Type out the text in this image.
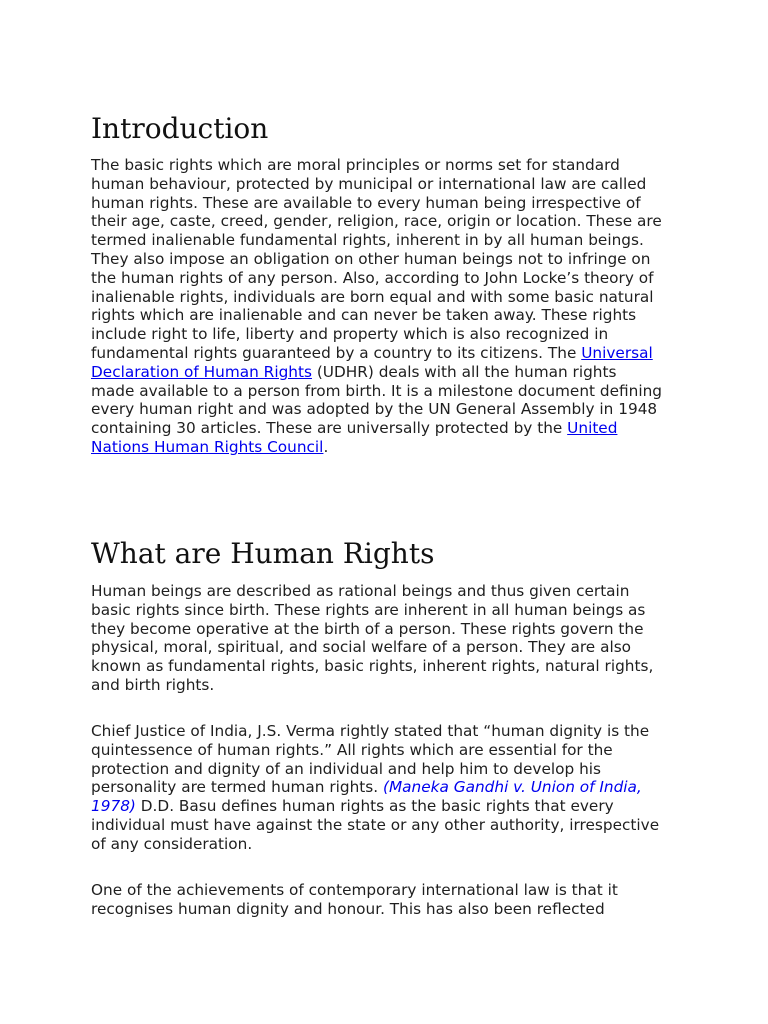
Introduction

The basic rights which are moral principles or norms set for standard
human behaviour, protected by municipal or international law are called
human rights. These are available to every human being irrespective of
their age, caste, creed, gender, religion, race, origin or location. These are
termed inalienable fundamental rights, inherent in by all human beings.
They also impose an obligation on other human beings not to infringe on
the human rights of any person. Also, according to John Locke’s theory of
inalienable rights, individuals are born equal and with some basic natural
rights which are inalienable and can never be taken away. These rights
include right to life, liberty and property which is also recognized in
fundamental rights guaranteed by a country to its citizens. The Universal
Declaration of Human Rights (UDHR) deals with all the human rights
made available to a person from birth. It is a milestone document defining
every human right and was adopted by the UN General Assembly in 1948
containing 30 articles. These are universally protected by the United
Nations Human Rights Council.

What are Human Rights

Human beings are described as rational beings and thus given certain
basic rights since birth. These rights are inherent in all human beings as
they become operative at the birth of a person. These rights govern the
physical, moral, spiritual, and social welfare of a person. They are also
known as fundamental rights, basic rights, inherent rights, natural rights,
and birth rights.

Chief Justice of India, J.S. Verma rightly stated that “human dignity is the
quintessence of human rights.” All rights which are essential for the
protection and dignity of an individual and help him to develop his
personality are termed human rights. (Maneka Gandhi v. Union of India,
1978) D.D. Basu defines human rights as the basic rights that every
individual must have against the state or any other authority, irrespective
of any consideration.

One of the achievements of contemporary international law is that it
recognises human dignity and honour. This has also been reflected
